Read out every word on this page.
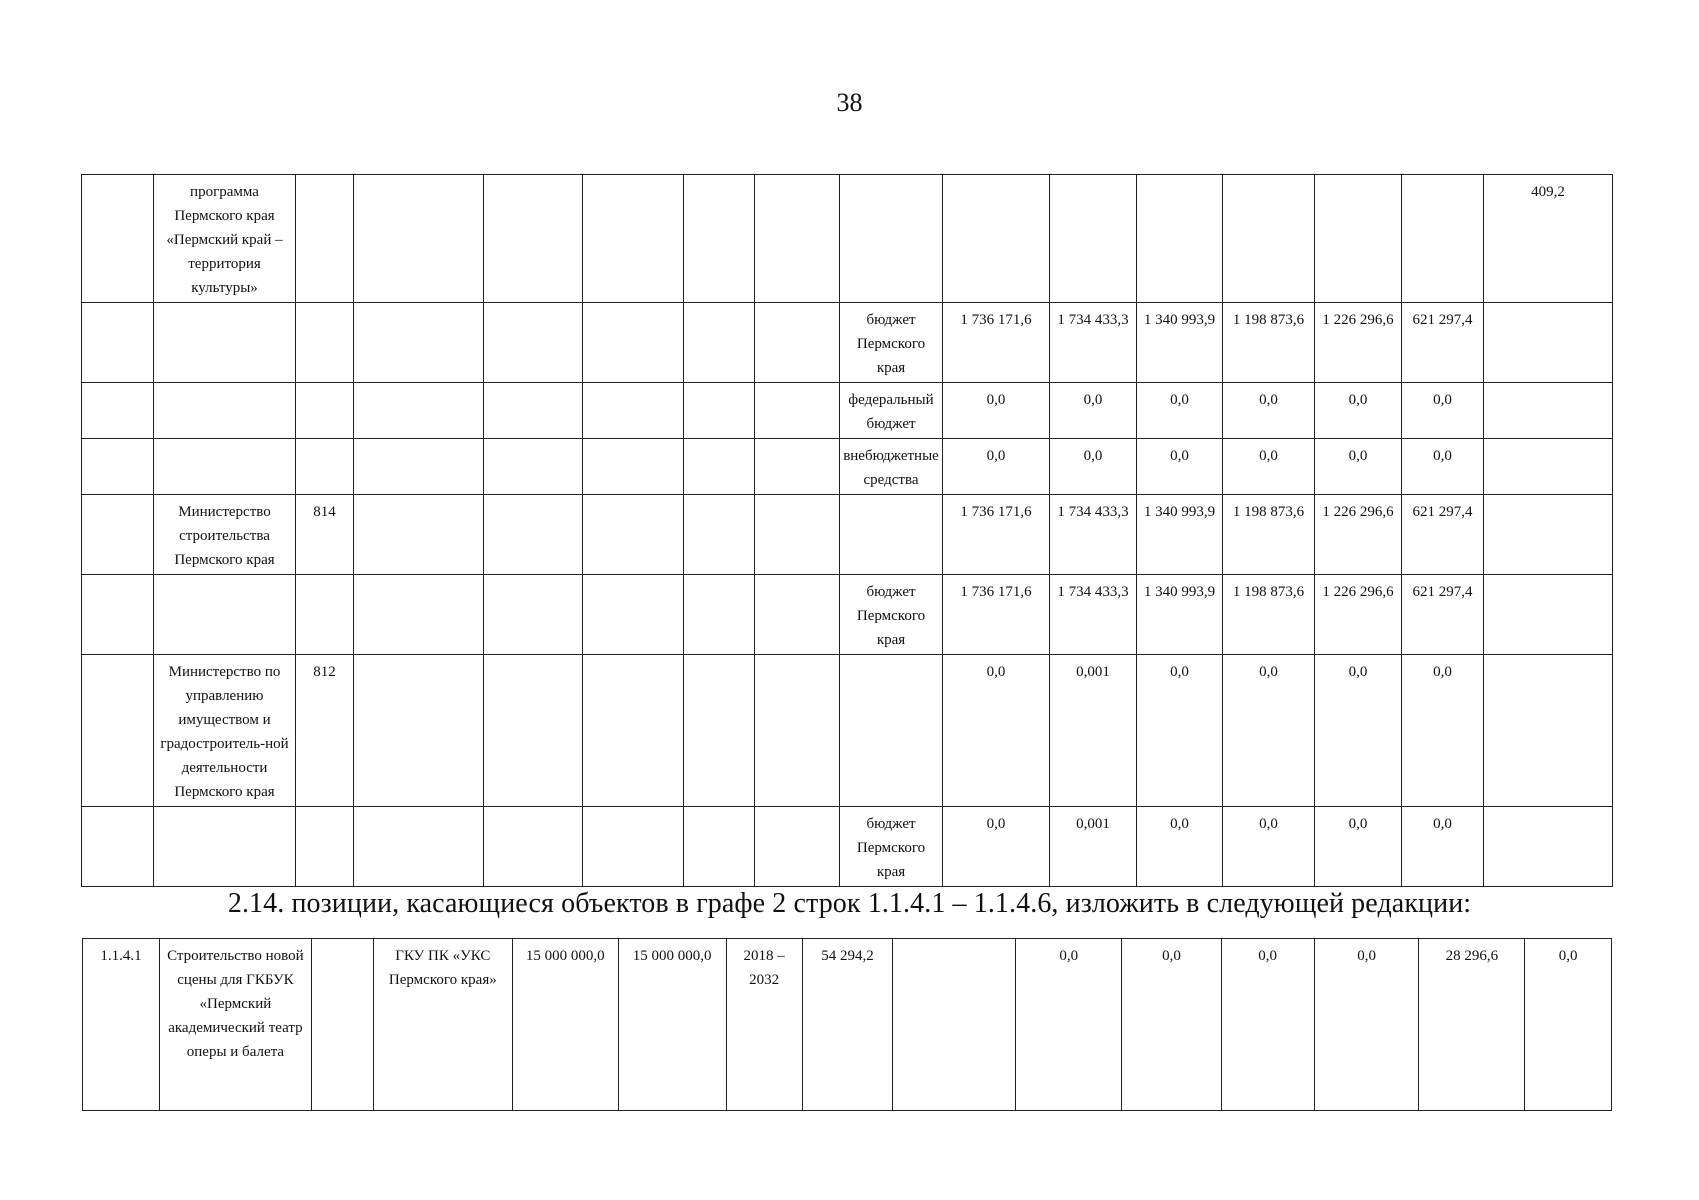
38
	программа Пермского края «Пермский край – территория культуры»														409,2
								бюджет Пермского края	1 736 171,6	1 734 433,3	1 340 993,9	1 198 873,6	1 226 296,6	621 297,4	
								федеральный бюджет	0,0	0,0	0,0	0,0	0,0	0,0	
								внебюджетные средства	0,0	0,0	0,0	0,0	0,0	0,0	
	Министерство строительства Пермского края	814							1 736 171,6	1 734 433,3	1 340 993,9	1 198 873,6	1 226 296,6	621 297,4	
								бюджет Пермского края	1 736 171,6	1 734 433,3	1 340 993,9	1 198 873,6	1 226 296,6	621 297,4	
	Министерство по управлению имуществом и градостроитель-ной деятельности Пермского края	812							0,0	0,001	0,0	0,0	0,0	0,0	
								бюджет Пермского края	0,0	0,001	0,0	0,0	0,0	0,0	
2.14. позиции, касающиеся объектов в графе 2 строк 1.1.4.1 – 1.1.4.6, изложить в следующей редакции:
1.1.4.1	Строительство новой сцены для ГКБУК «Пермский академический театр оперы и балета		ГКУ ПК «УКС Пермского края»	15 000 000,0	15 000 000,0	2018 – 2032	54 294,2		0,0	0,0	0,0	0,0	28 296,6	0,0
